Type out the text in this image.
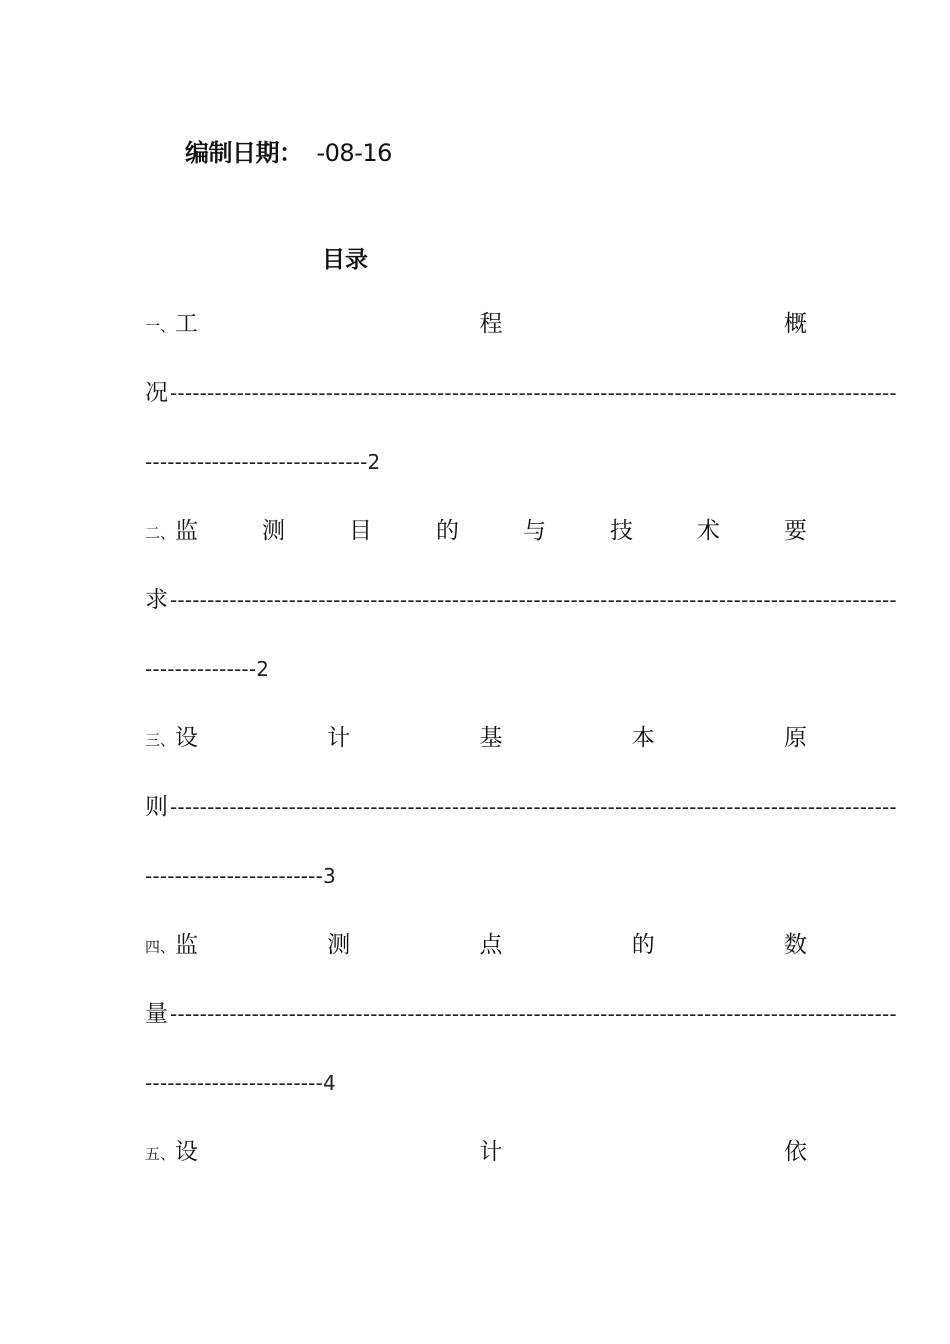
编制日期： -08-16
目录
一、工	程	概
况 --------------------------------------------------------------------------------------------------
------------------------------2
二、监	测	目	的	与	技	术	要
求 --------------------------------------------------------------------------------------------------
---------------2
三、设	计	基	本	原
则 --------------------------------------------------------------------------------------------------
------------------------3
四、监	测	点	的	数
量 --------------------------------------------------------------------------------------------------
------------------------4
五、设	计	依
